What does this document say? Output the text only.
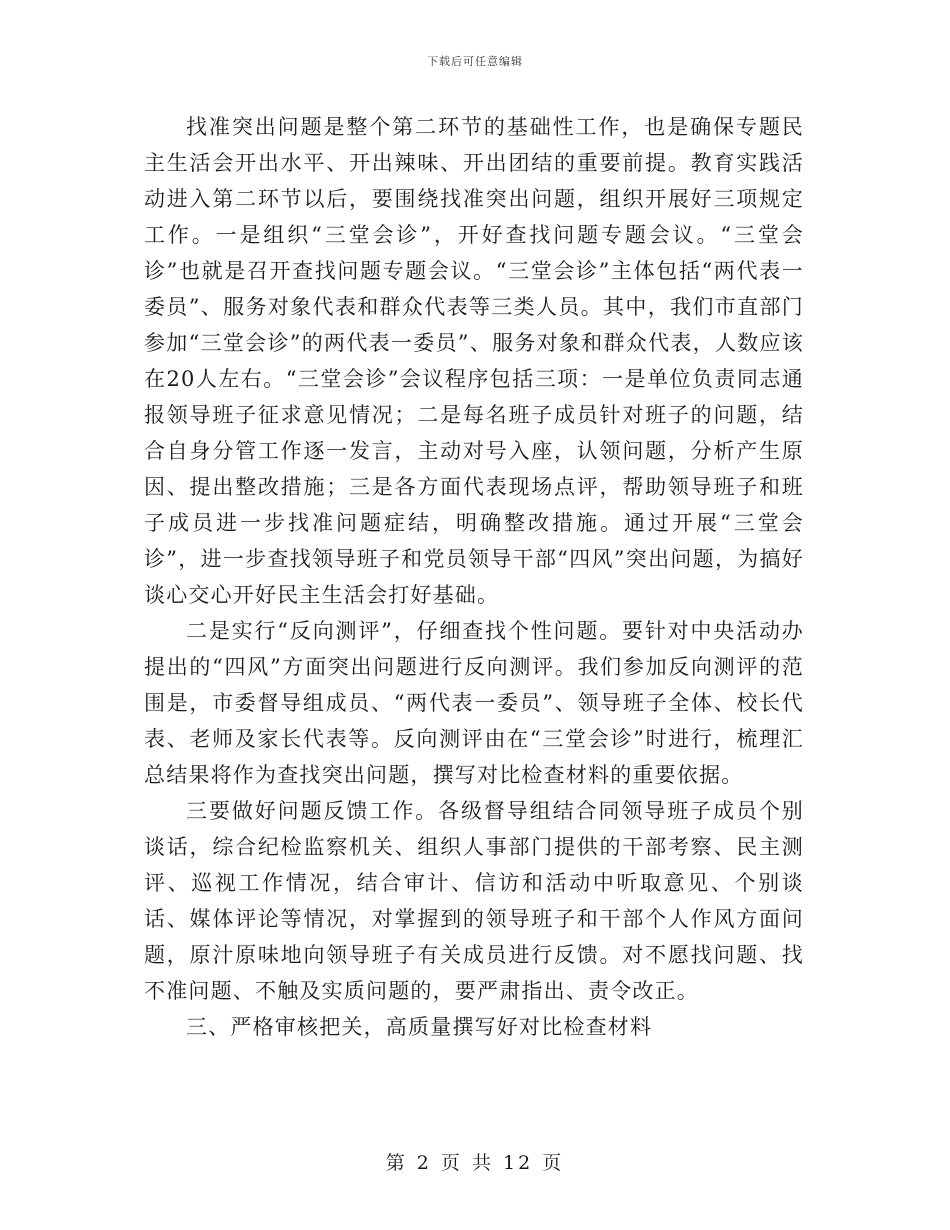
下载后可任意编辑

找准突出问题是整个第二环节的基础性工作，也是确保专题民主生活会开出水平、开出辣味、开出团结的重要前提。教育实践活动进入第二环节以后，要围绕找准突出问题，组织开展好三项规定工作。一是组织“三堂会诊”，开好查找问题专题会议。“三堂会诊”也就是召开查找问题专题会议。“三堂会诊”主体包括“两代表一委员”、服务对象代表和群众代表等三类人员。其中，我们市直部门参加“三堂会诊”的两代表一委员”、服务对象和群众代表，人数应该在20人左右。“三堂会诊”会议程序包括三项：一是单位负责同志通报领导班子征求意见情况；二是每名班子成员针对班子的问题，结合自身分管工作逐一发言，主动对号入座，认领问题，分析产生原因、提出整改措施；三是各方面代表现场点评，帮助领导班子和班子成员进一步找准问题症结，明确整改措施。通过开展“三堂会诊”，进一步查找领导班子和党员领导干部“四风”突出问题，为搞好谈心交心开好民主生活会打好基础。

二是实行“反向测评”，仔细查找个性问题。要针对中央活动办提出的“四风”方面突出问题进行反向测评。我们参加反向测评的范围是，市委督导组成员、“两代表一委员”、领导班子全体、校长代表、老师及家长代表等。反向测评由在“三堂会诊”时进行，梳理汇总结果将作为查找突出问题，撰写对比检查材料的重要依据。

三要做好问题反馈工作。各级督导组结合同领导班子成员个别谈话，综合纪检监察机关、组织人事部门提供的干部考察、民主测评、巡视工作情况，结合审计、信访和活动中听取意见、个别谈话、媒体评论等情况，对掌握到的领导班子和干部个人作风方面问题，原汁原味地向领导班子有关成员进行反馈。对不愿找问题、找不准问题、不触及实质问题的，要严肃指出、责令改正。

三、严格审核把关，高质量撰写好对比检查材料

第 2 页 共 12 页
